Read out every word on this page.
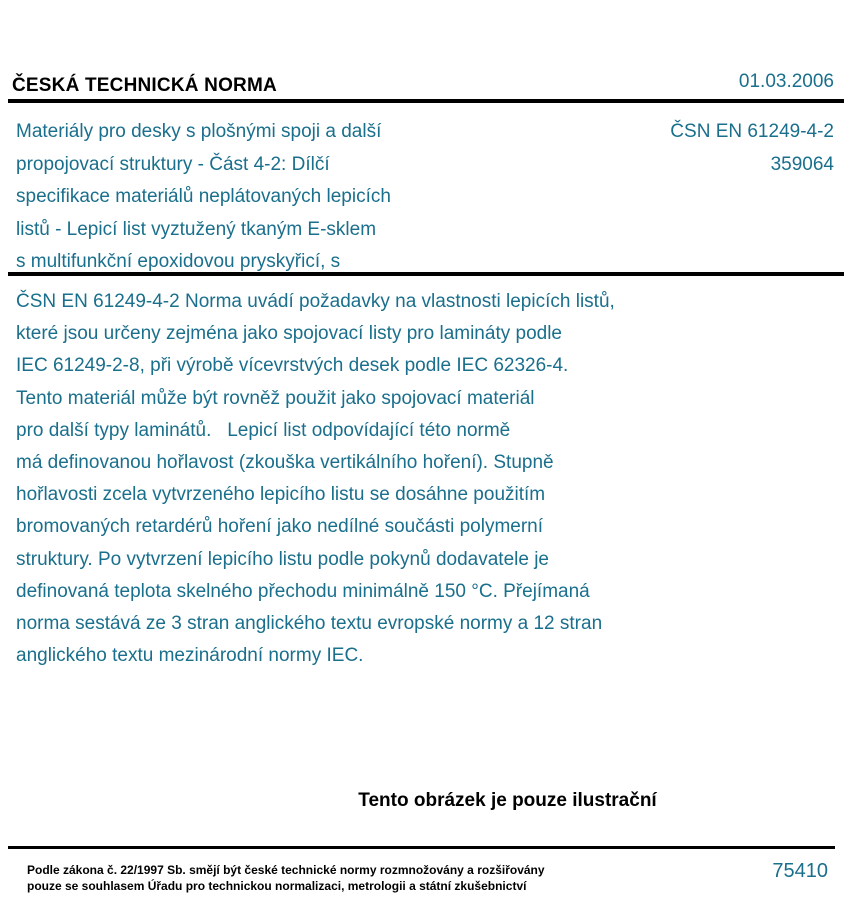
ČESKÁ TECHNICKÁ NORMA	01.03.2006
Materiály pro desky s plošnými spoji a další
propojovací struktury - Část 4-2: Dílčí
specifikace materiálů neplátovaných lepicích
listů - Lepicí list vyztužený tkaným E-sklem
s multifunkční epoxidovou pryskyřicí, s
ČSN EN 61249-4-2
359064
ČSN EN 61249-4-2 Norma uvádí požadavky na vlastnosti lepicích listů,
které jsou určeny zejména jako spojovací listy pro lamináty podle
IEC 61249-2-8, při výrobě vícevrstvých desek podle IEC 62326-4.
Tento materiál může být rovněž použit jako spojovací materiál
pro další typy laminátů.   Lepicí list odpovídající této normě
má definovanou hořlavost (zkouška vertikálního hoření). Stupně
hořlavosti zcela vytvrzeného lepicího listu se dosáhne použitím
bromovaných retardérů hoření jako nedílné součásti polymerní
struktury. Po vytvrzení lepicího listu podle pokynů dodavatele je
definovaná teplota skelného přechodu minimálně 150 °C. Přejímaná
norma sestává ze 3 stran anglického textu evropské normy a 12 stran
anglického textu mezinárodní normy IEC.
Tento obrázek je pouze ilustrační
Podle zákona č. 22/1997 Sb. smějí být české technické normy rozmnožovány a rozšiřovány
pouze se souhlasem Úřadu pro technickou normalizaci, metrologii a státní zkušebnictví
75410
